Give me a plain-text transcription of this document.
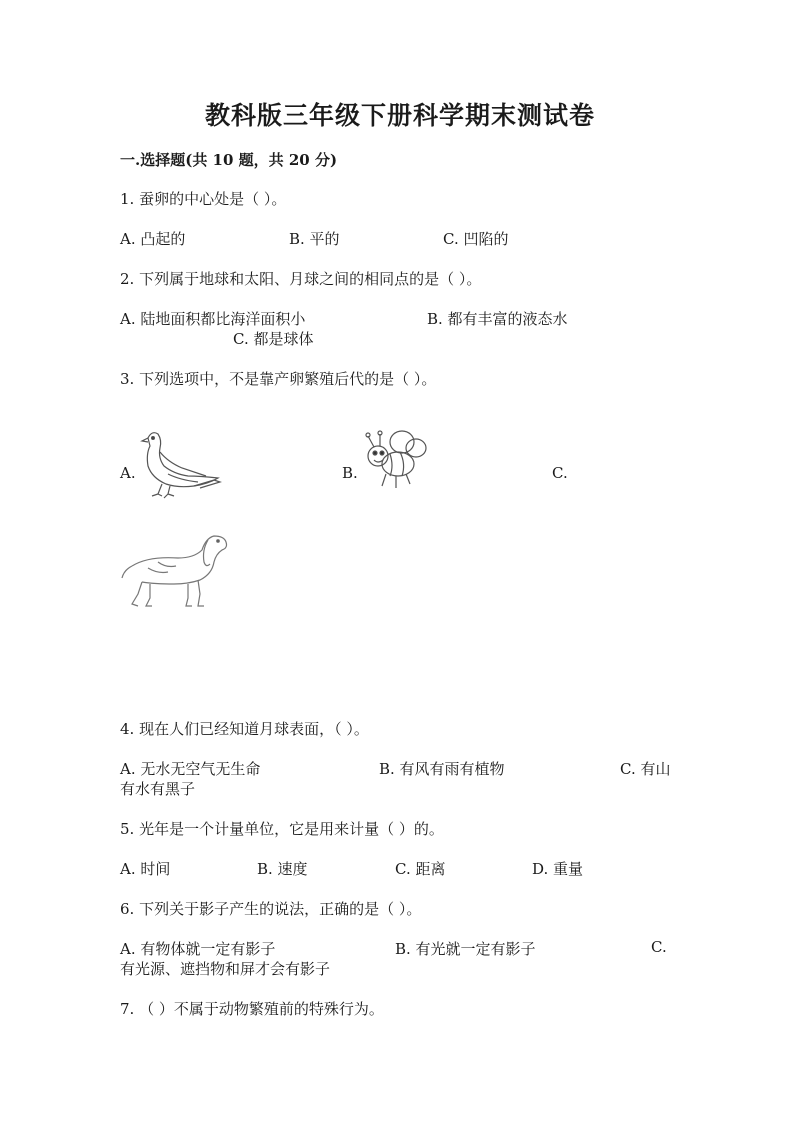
教科版三年级下册科学期末测试卷
一.选择题(共 10 题，共 20 分)
1. 蚕卵的中心处是（ ）。
A. 凸起的	B. 平的	C. 凹陷的
2. 下列属于地球和太阳、月球之间的相同点的是（ ）。
A. 陆地面积都比海洋面积小	B. 都有丰富的液态水
C. 都是球体
3. 下列选项中，不是靠产卵繁殖后代的是（ ）。
A.	B.	C.
4. 现在人们已经知道月球表面，（ ）。
A. 无水无空气无生命	B. 有风有雨有植物	C. 有山
有水有黑子
5. 光年是一个计量单位，它是用来计量（ ）的。
A. 时间	B. 速度	C. 距离	D. 重量
6. 下列关于影子产生的说法，正确的是（ ）。
A. 有物体就一定有影子	B. 有光就一定有影子	C.
有光源、遮挡物和屏才会有影子
7. （ ）不属于动物繁殖前的特殊行为。
